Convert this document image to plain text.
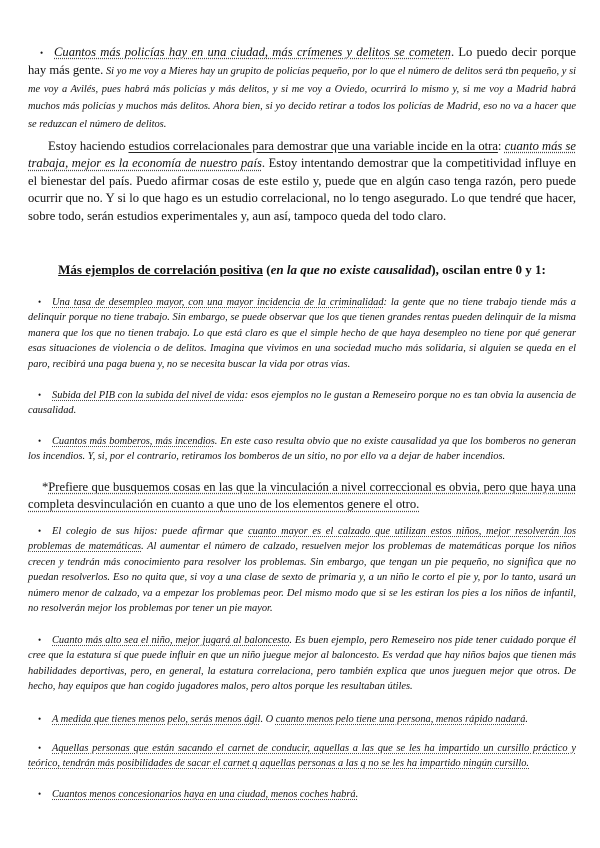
• Cuantos más policías hay en una ciudad, más crímenes y delitos se cometen. Lo puedo decir porque hay más gente. Si yo me voy a Mieres hay un grupito de policías pequeño, por lo que el número de delitos será tbn pequeño, y si me voy a Avilés, pues habrá más policías y más delitos, y si me voy a Oviedo, ocurrirá lo mismo y, si me voy a Madrid habrá muchos más policías y muchos más delitos. Ahora bien, si yo decido retirar a todos los policías de Madrid, eso no va a hacer que se reduzcan el número de delitos.

Estoy haciendo estudios correlacionales para demostrar que una variable incide en la otra: cuanto más se trabaja, mejor es la economía de nuestro país. Estoy intentando demostrar que la competitividad influye en el bienestar del país. Puedo afirmar cosas de este estilo y, puede que en algún caso tenga razón, pero puede ocurrir que no. Y si lo que hago es un estudio correlacional, no lo tengo asegurado. Lo que tendré que hacer, sobre todo, serán estudios experimentales y, aun así, tampoco queda del todo claro.

Más ejemplos de correlación positiva (en la que no existe causalidad), oscilan entre 0 y 1:

• Una tasa de desempleo mayor, con una mayor incidencia de la criminalidad: la gente que no tiene trabajo tiende más a delinquir porque no tiene trabajo. Sin embargo, se puede observar que los que tienen grandes rentas pueden delinquir de la misma manera que los que no tienen trabajo. Lo que está claro es que el simple hecho de que haya desempleo no tiene por qué generar esas situaciones de violencia o de delitos. Imagina que vivimos en una sociedad mucho más solidaria, si alguien se queda en el paro, recibirá una paga buena y, no se necesita buscar la vida por otras vías.

• Subida del PIB con la subida del nivel de vida: esos ejemplos no le gustan a Remeseiro porque no es tan obvia la ausencia de causalidad.

• Cuantos más bomberos, más incendios. En este caso resulta obvio que no existe causalidad ya que los bomberos no generan los incendios. Y, si, por el contrario, retiramos los bomberos de un sitio, no por ello va a dejar de haber incendios.

*Prefiere que busquemos cosas en las que la vinculación a nivel correccional es obvia, pero que haya una completa desvinculación en cuanto a que uno de los elementos genere el otro.

• El colegio de sus hijos: puede afirmar que cuanto mayor es el calzado que utilizan estos niños, mejor resolverán los problemas de matemáticas. Al aumentar el número de calzado, resuelven mejor los problemas de matemáticas porque los niños crecen y tendrán más conocimiento para resolver los problemas. Sin embargo, que tengan un pie pequeño, no significa que no puedan resolverlos. Eso no quita que, si voy a una clase de sexto de primaria y, a un niño le corto el pie y, por lo tanto, usará un número menor de calzado, va a empezar los problemas peor. Del mismo modo que si se les estiran los pies a los niños de infantil, no resolverán mejor los problemas por tener un pie mayor.

• Cuanto más alto sea el niño, mejor jugará al baloncesto. Es buen ejemplo, pero Remeseiro nos pide tener cuidado porque él cree que la estatura sí que puede influir en que un niño juegue mejor al baloncesto. Es verdad que hay niños bajos que tienen más habilidades deportivas, pero, en general, la estatura correlaciona, pero también explica que unos jueguen mejor que otros. De hecho, hay equipos que han cogido jugadores malos, pero altos porque les resultaban útiles.

• A medida que tienes menos pelo, serás menos ágil. O cuanto menos pelo tiene una persona, menos rápido nadará.

• Aquellas personas que están sacando el carnet de conducir, aquellas a las que se les ha impartido un cursillo práctico y teórico, tendrán más posibilidades de sacar el carnet q aquellas personas a las q no se les ha impartido ningún cursillo.

• Cuantos menos concesionarios haya en una ciudad, menos coches habrá.
